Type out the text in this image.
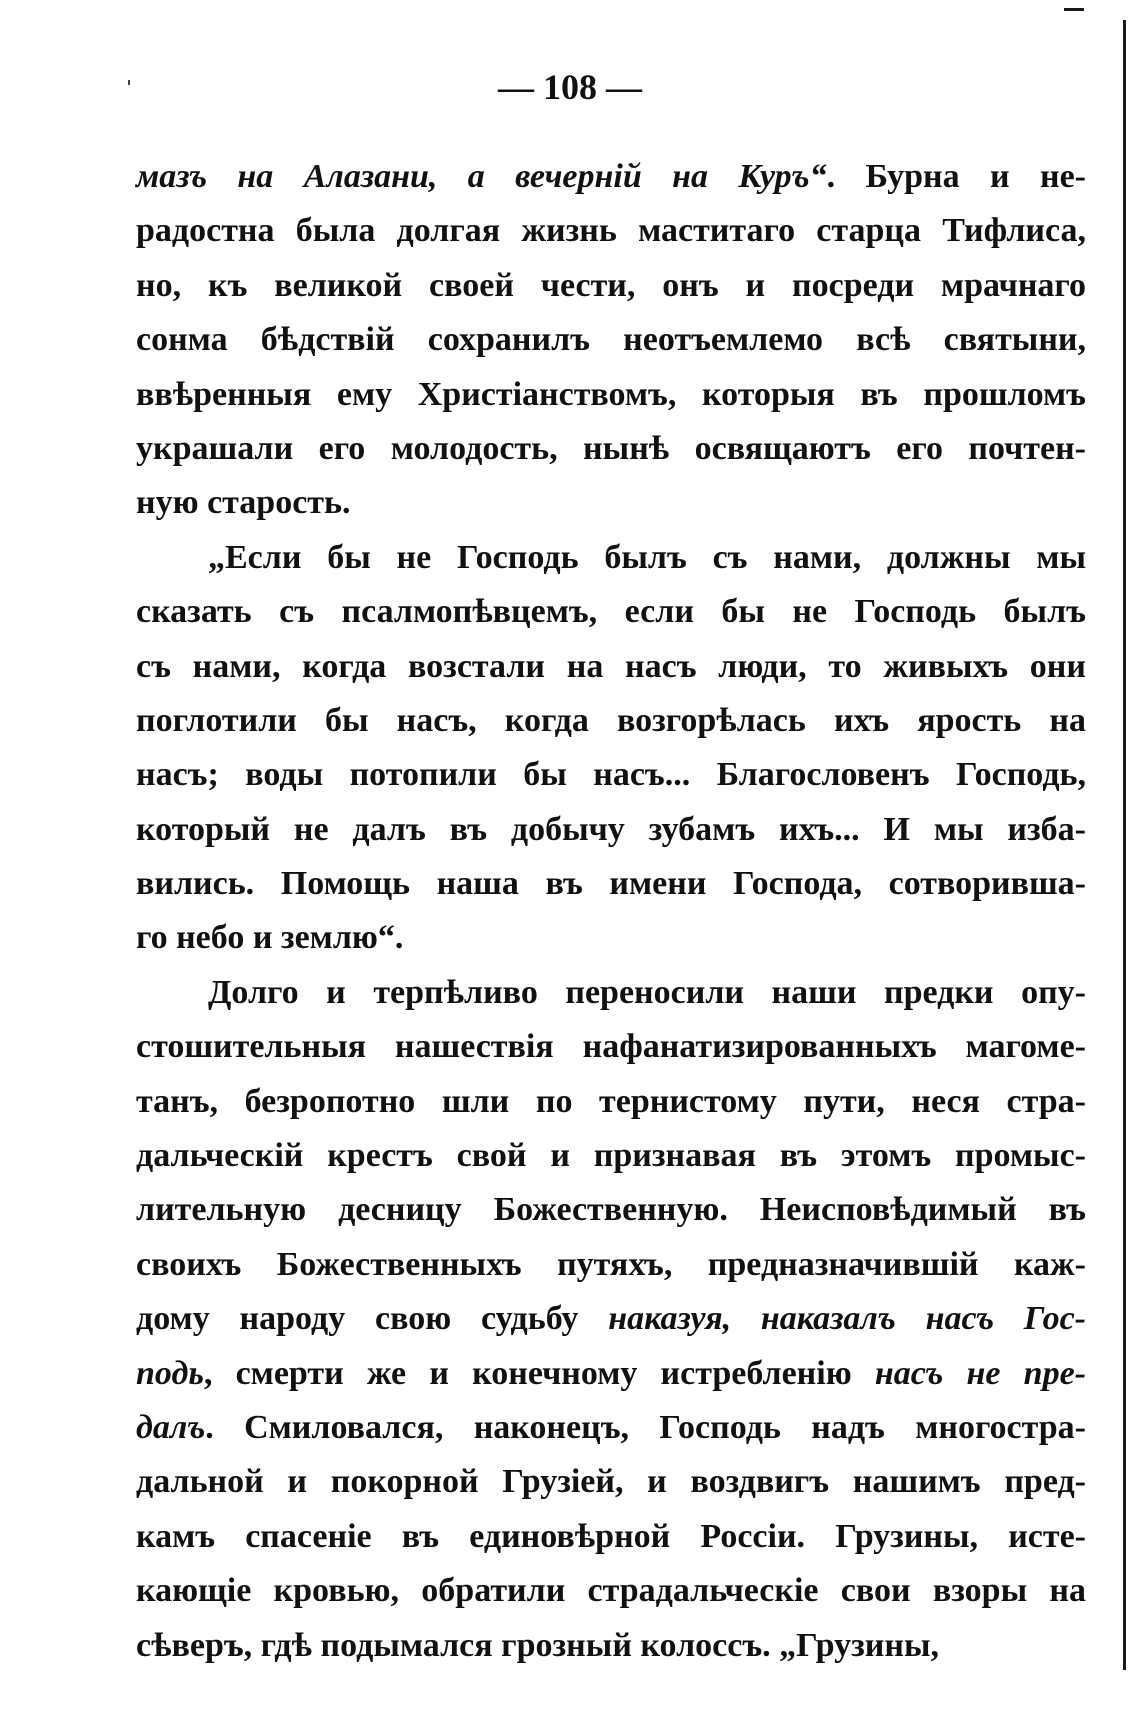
— 108 —
мазъ на Алазани, а вечерній на Куръ“. Бурна и не-
радостна была долгая жизнь маститаго старца Тифлиса,
но, къ великой своей чести, онъ и посреди мрачнаго
сонма бѣдствій сохранилъ неотъемлемо всѣ святыни,
ввѣренныя ему Христіанствомъ, которыя въ прошломъ
украшали его молодость, нынѣ освящаютъ его почтен-
ную старость.
„Если бы не Господь былъ съ нами, должны мы
сказать съ псалмопѣвцемъ, если бы не Господь былъ
съ нами, когда возстали на насъ люди, то живыхъ они
поглотили бы насъ, когда возгорѣлась ихъ ярость на
насъ; воды потопили бы насъ... Благословенъ Господь,
который не далъ въ добычу зубамъ ихъ... И мы изба-
вились. Помощь наша въ имени Господа, сотворивша-
го небо и землю“.
Долго и терпѣливо переносили наши предки опу-
стошительныя нашествія нафанатизированныхъ магоме-
танъ, безропотно шли по тернистому пути, неся стра-
дальческій крестъ свой и признавая въ этомъ промыс-
лительную десницу Божественную. Неисповѣдимый въ
своихъ Божественныхъ путяхъ, предназначившій каж-
дому народу свою судьбу наказуя, наказалъ насъ Гос-
подь, смерти же и конечному истребленію насъ не пре-
далъ. Смиловался, наконецъ, Господь надъ многостра-
дальной и покорной Грузіей, и воздвигъ нашимъ пред-
камъ спасеніе въ единовѣрной Россіи. Грузины, исте-
кающіе кровью, обратили страдальческіе свои взоры на
сѣверъ, гдѣ подымался грозный колоссъ. „Грузины,
